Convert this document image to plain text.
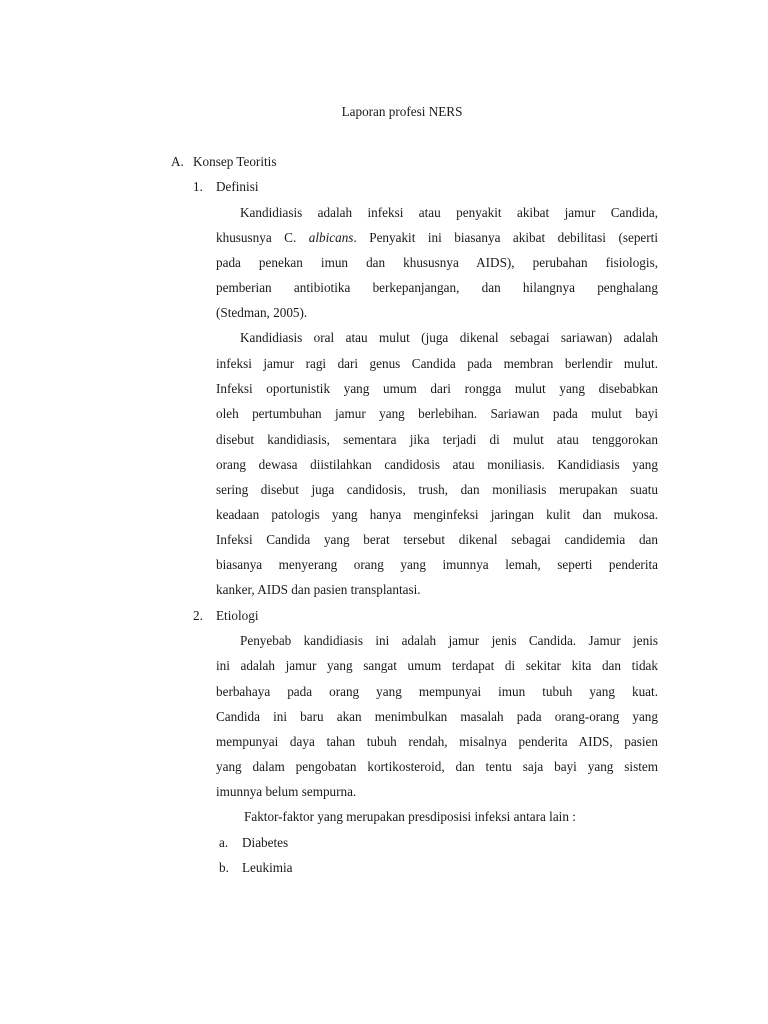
Laporan profesi NERS
A. Konsep Teoritis
1. Definisi
Kandidiasis adalah infeksi atau penyakit akibat jamur Candida,
khususnya C. albicans. Penyakit ini biasanya akibat debilitasi (seperti
pada penekan imun dan khususnya AIDS), perubahan fisiologis,
pemberian antibiotika berkepanjangan, dan hilangnya penghalang
(Stedman, 2005).
Kandidiasis oral atau mulut (juga dikenal sebagai sariawan) adalah
infeksi jamur ragi dari genus Candida pada membran berlendir mulut.
Infeksi oportunistik yang umum dari rongga mulut yang disebabkan
oleh pertumbuhan jamur yang berlebihan. Sariawan pada mulut bayi
disebut kandidiasis, sementara jika terjadi di mulut atau tenggorokan
orang dewasa diistilahkan candidosis atau moniliasis. Kandidiasis yang
sering disebut juga candidosis, trush, dan moniliasis merupakan suatu
keadaan patologis yang hanya menginfeksi jaringan kulit dan mukosa.
Infeksi Candida yang berat tersebut dikenal sebagai candidemia dan
biasanya menyerang orang yang imunnya lemah, seperti penderita
kanker, AIDS dan pasien transplantasi.
2. Etiologi
Penyebab kandidiasis ini adalah jamur jenis Candida. Jamur jenis
ini adalah jamur yang sangat umum terdapat di sekitar kita dan tidak
berbahaya pada orang yang mempunyai imun tubuh yang kuat.
Candida ini baru akan menimbulkan masalah pada orang-orang yang
mempunyai daya tahan tubuh rendah, misalnya penderita AIDS, pasien
yang dalam pengobatan kortikosteroid, dan tentu saja bayi yang sistem
imunnya belum sempurna.
Faktor-faktor yang merupakan presdiposisi infeksi antara lain :
a. Diabetes
b. Leukimia
